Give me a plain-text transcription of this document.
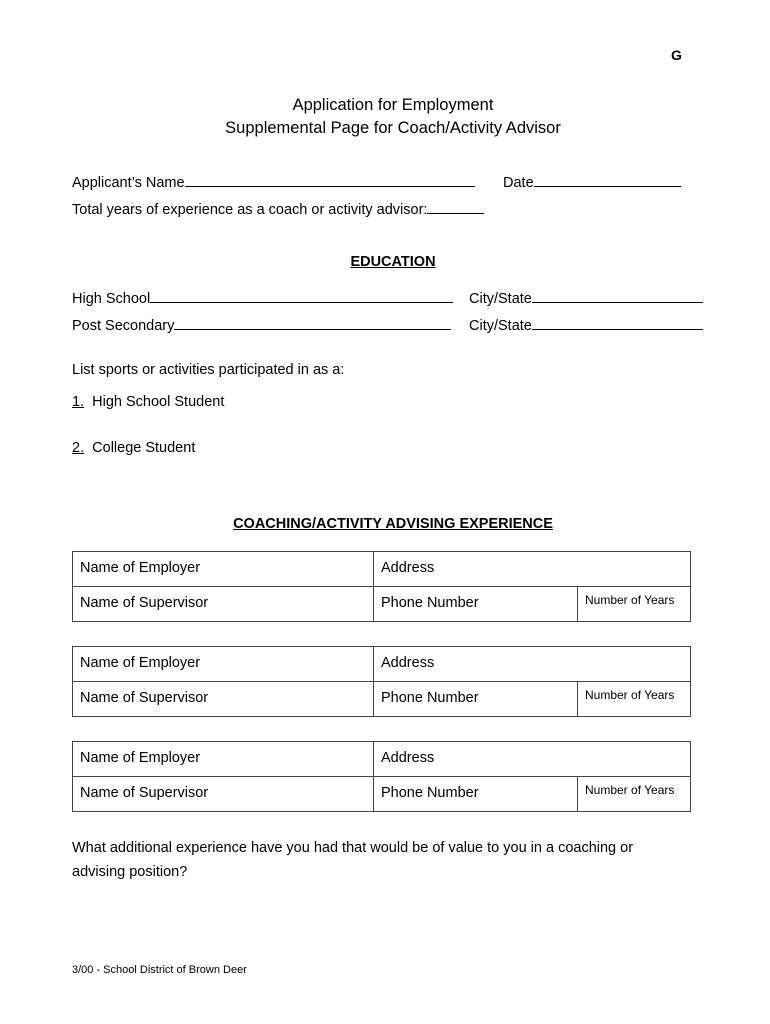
G
Application for Employment
Supplemental Page for Coach/Activity Advisor
Applicant’s Name	Date
Total years of experience as a coach or activity advisor:
EDUCATION
High School	City/State
Post Secondary	City/State
List sports or activities participated in as a:
1. High School Student
2. College Student
COACHING/ACTIVITY ADVISING EXPERIENCE
Name of Employer	Address	
Name of Supervisor	Phone Number	Number of Years
Name of Employer	Address	
Name of Supervisor	Phone Number	Number of Years
Name of Employer	Address	
Name of Supervisor	Phone Number	Number of Years
What additional experience have you had that would be of value to you in a coaching or
advising position?
3/00 - School District of Brown Deer
